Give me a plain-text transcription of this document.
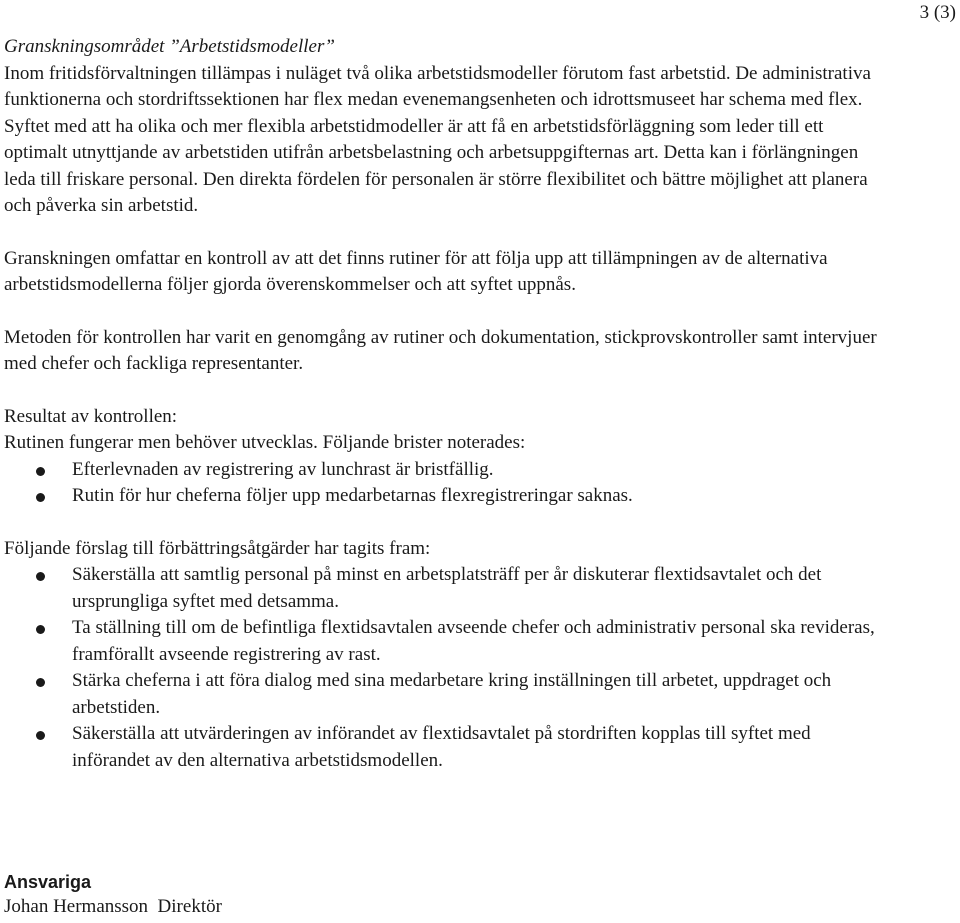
3 (3)

Granskningsområdet ”Arbetstidsmodeller”

Inom fritidsförvaltningen tillämpas i nuläget två olika arbetstidsmodeller förutom fast arbetstid. De administrativa funktionerna och stordriftssektionen har flex medan evenemangsenheten och idrottsmuseet har schema med flex. Syftet med att ha olika och mer flexibla arbetstidmodeller är att få en arbetstidsförläggning som leder till ett optimalt utnyttjande av arbetstiden utifrån arbetsbelastning och arbetsuppgifternas art. Detta kan i förlängningen leda till friskare personal. Den direkta fördelen för personalen är större flexibilitet och bättre möjlighet att planera och påverka sin arbetstid.

Granskningen omfattar en kontroll av att det finns rutiner för att följa upp att tillämpningen av de alternativa arbetstidsmodellerna följer gjorda överenskommelser och att syftet uppnås.

Metoden för kontrollen har varit en genomgång av rutiner och dokumentation, stickprovskontroller samt intervjuer med chefer och fackliga representanter.

Resultat av kontrollen:

Rutinen fungerar men behöver utvecklas. Följande brister noterades:

Efterlevnaden av registrering av lunchrast är bristfällig.
Rutin för hur cheferna följer upp medarbetarnas flexregistreringar saknas.

Följande förslag till förbättringsåtgärder har tagits fram:

Säkerställa att samtlig personal på minst en arbetsplatsträff per år diskuterar flextidsavtalet och det ursprungliga syftet med detsamma.
Ta ställning till om de befintliga flextidsavtalen avseende chefer och administrativ personal ska revideras, framförallt avseende registrering av rast.
Stärka cheferna i att föra dialog med sina medarbetare kring inställningen till arbetet, uppdraget och arbetstiden.
Säkerställa att utvärderingen av införandet av flextidsavtalet på stordriften kopplas till syftet med införandet av den alternativa arbetstidsmodellen.
Ansvariga
Johan Hermansson  Direktör
